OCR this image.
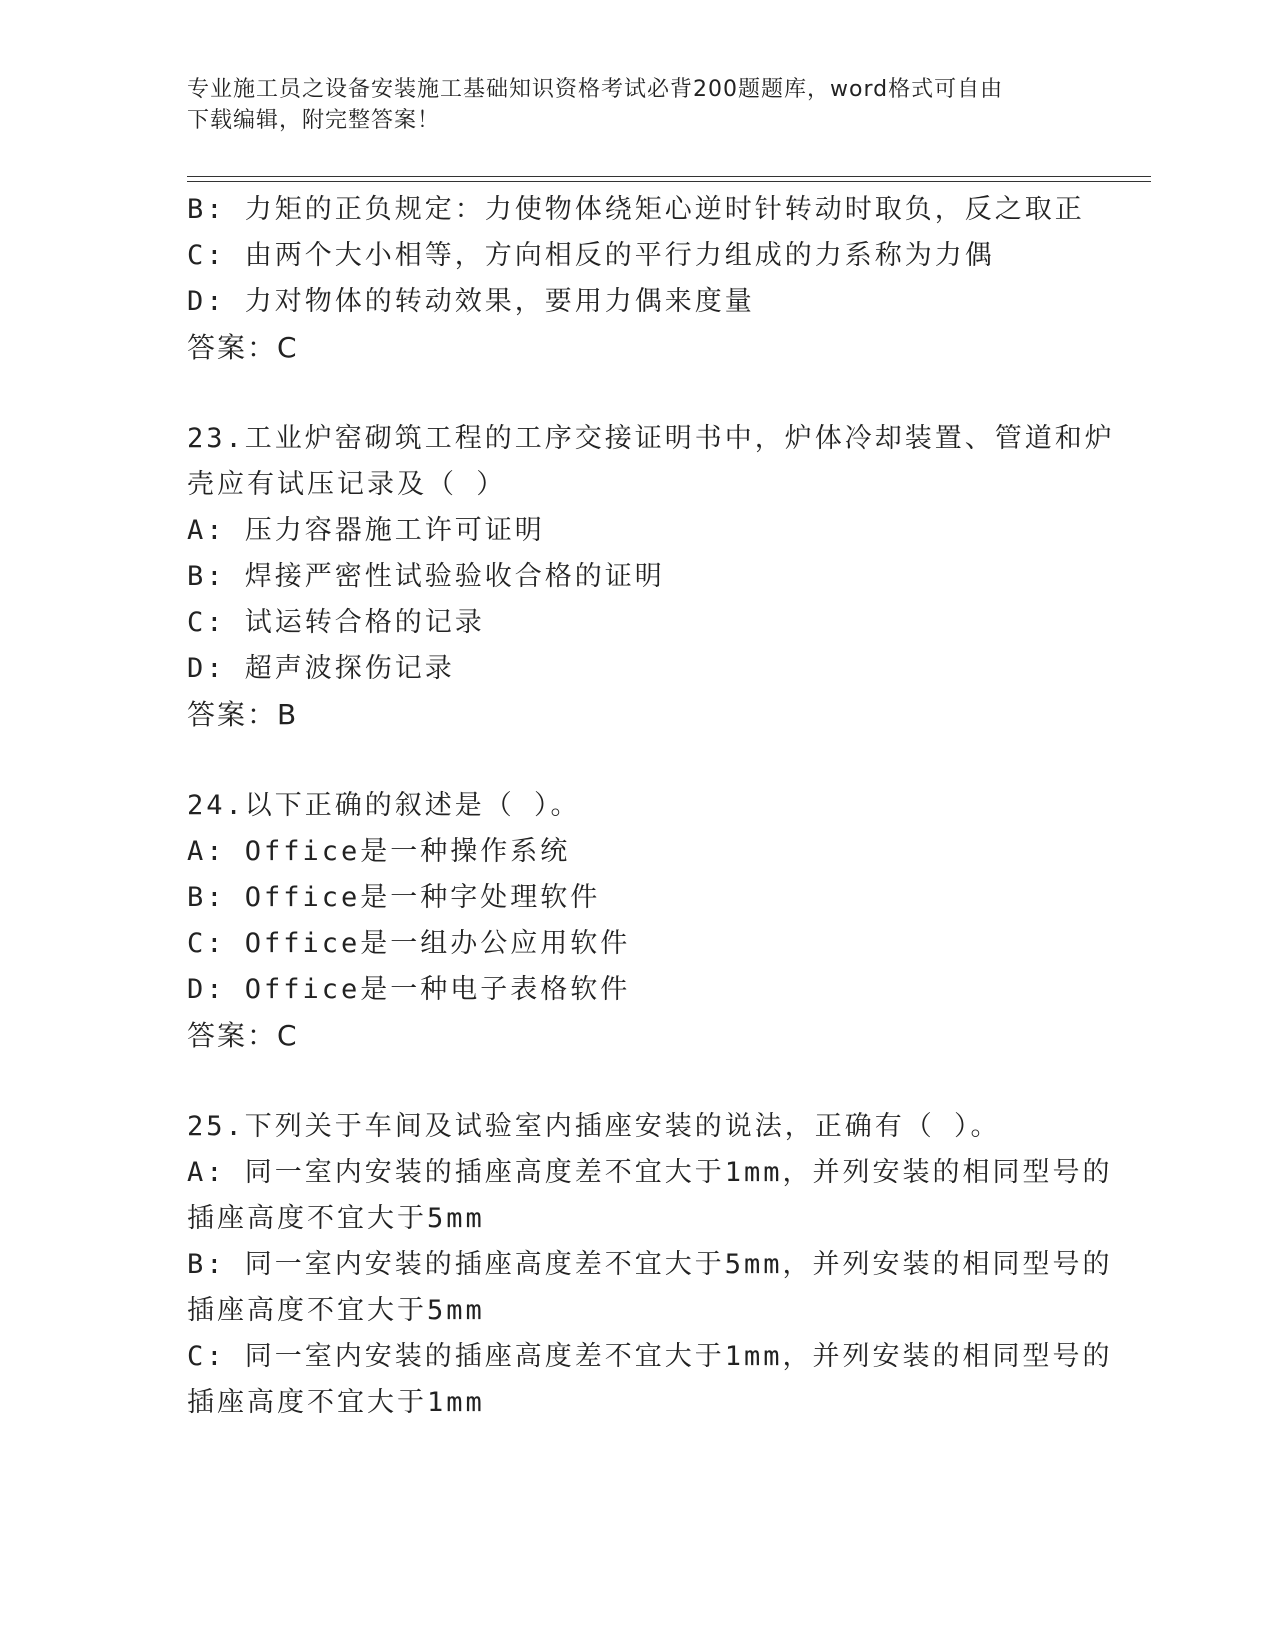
专业施工员之设备安装施工基础知识资格考试必背200题题库，word格式可自由
下载编辑，附完整答案！
B: 力矩的正负规定：力使物体绕矩心逆时针转动时取负，反之取正
C: 由两个大小相等，方向相反的平行力组成的力系称为力偶
D: 力对物体的转动效果，要用力偶来度量
答案：C
23.工业炉窑砌筑工程的工序交接证明书中，炉体冷却装置、管道和炉
壳应有试压记录及（ ）
A: 压力容器施工许可证明
B: 焊接严密性试验验收合格的证明
C: 试运转合格的记录
D: 超声波探伤记录
答案：B
24.以下正确的叙述是（ ）。
A: Office是一种操作系统
B: Office是一种字处理软件
C: Office是一组办公应用软件
D: Office是一种电子表格软件
答案：C
25.下列关于车间及试验室内插座安装的说法，正确有（ ）。
A: 同一室内安装的插座高度差不宜大于1mm，并列安装的相同型号的
插座高度不宜大于5mm
B: 同一室内安装的插座高度差不宜大于5mm，并列安装的相同型号的
插座高度不宜大于5mm
C: 同一室内安装的插座高度差不宜大于1mm，并列安装的相同型号的
插座高度不宜大于1mm
